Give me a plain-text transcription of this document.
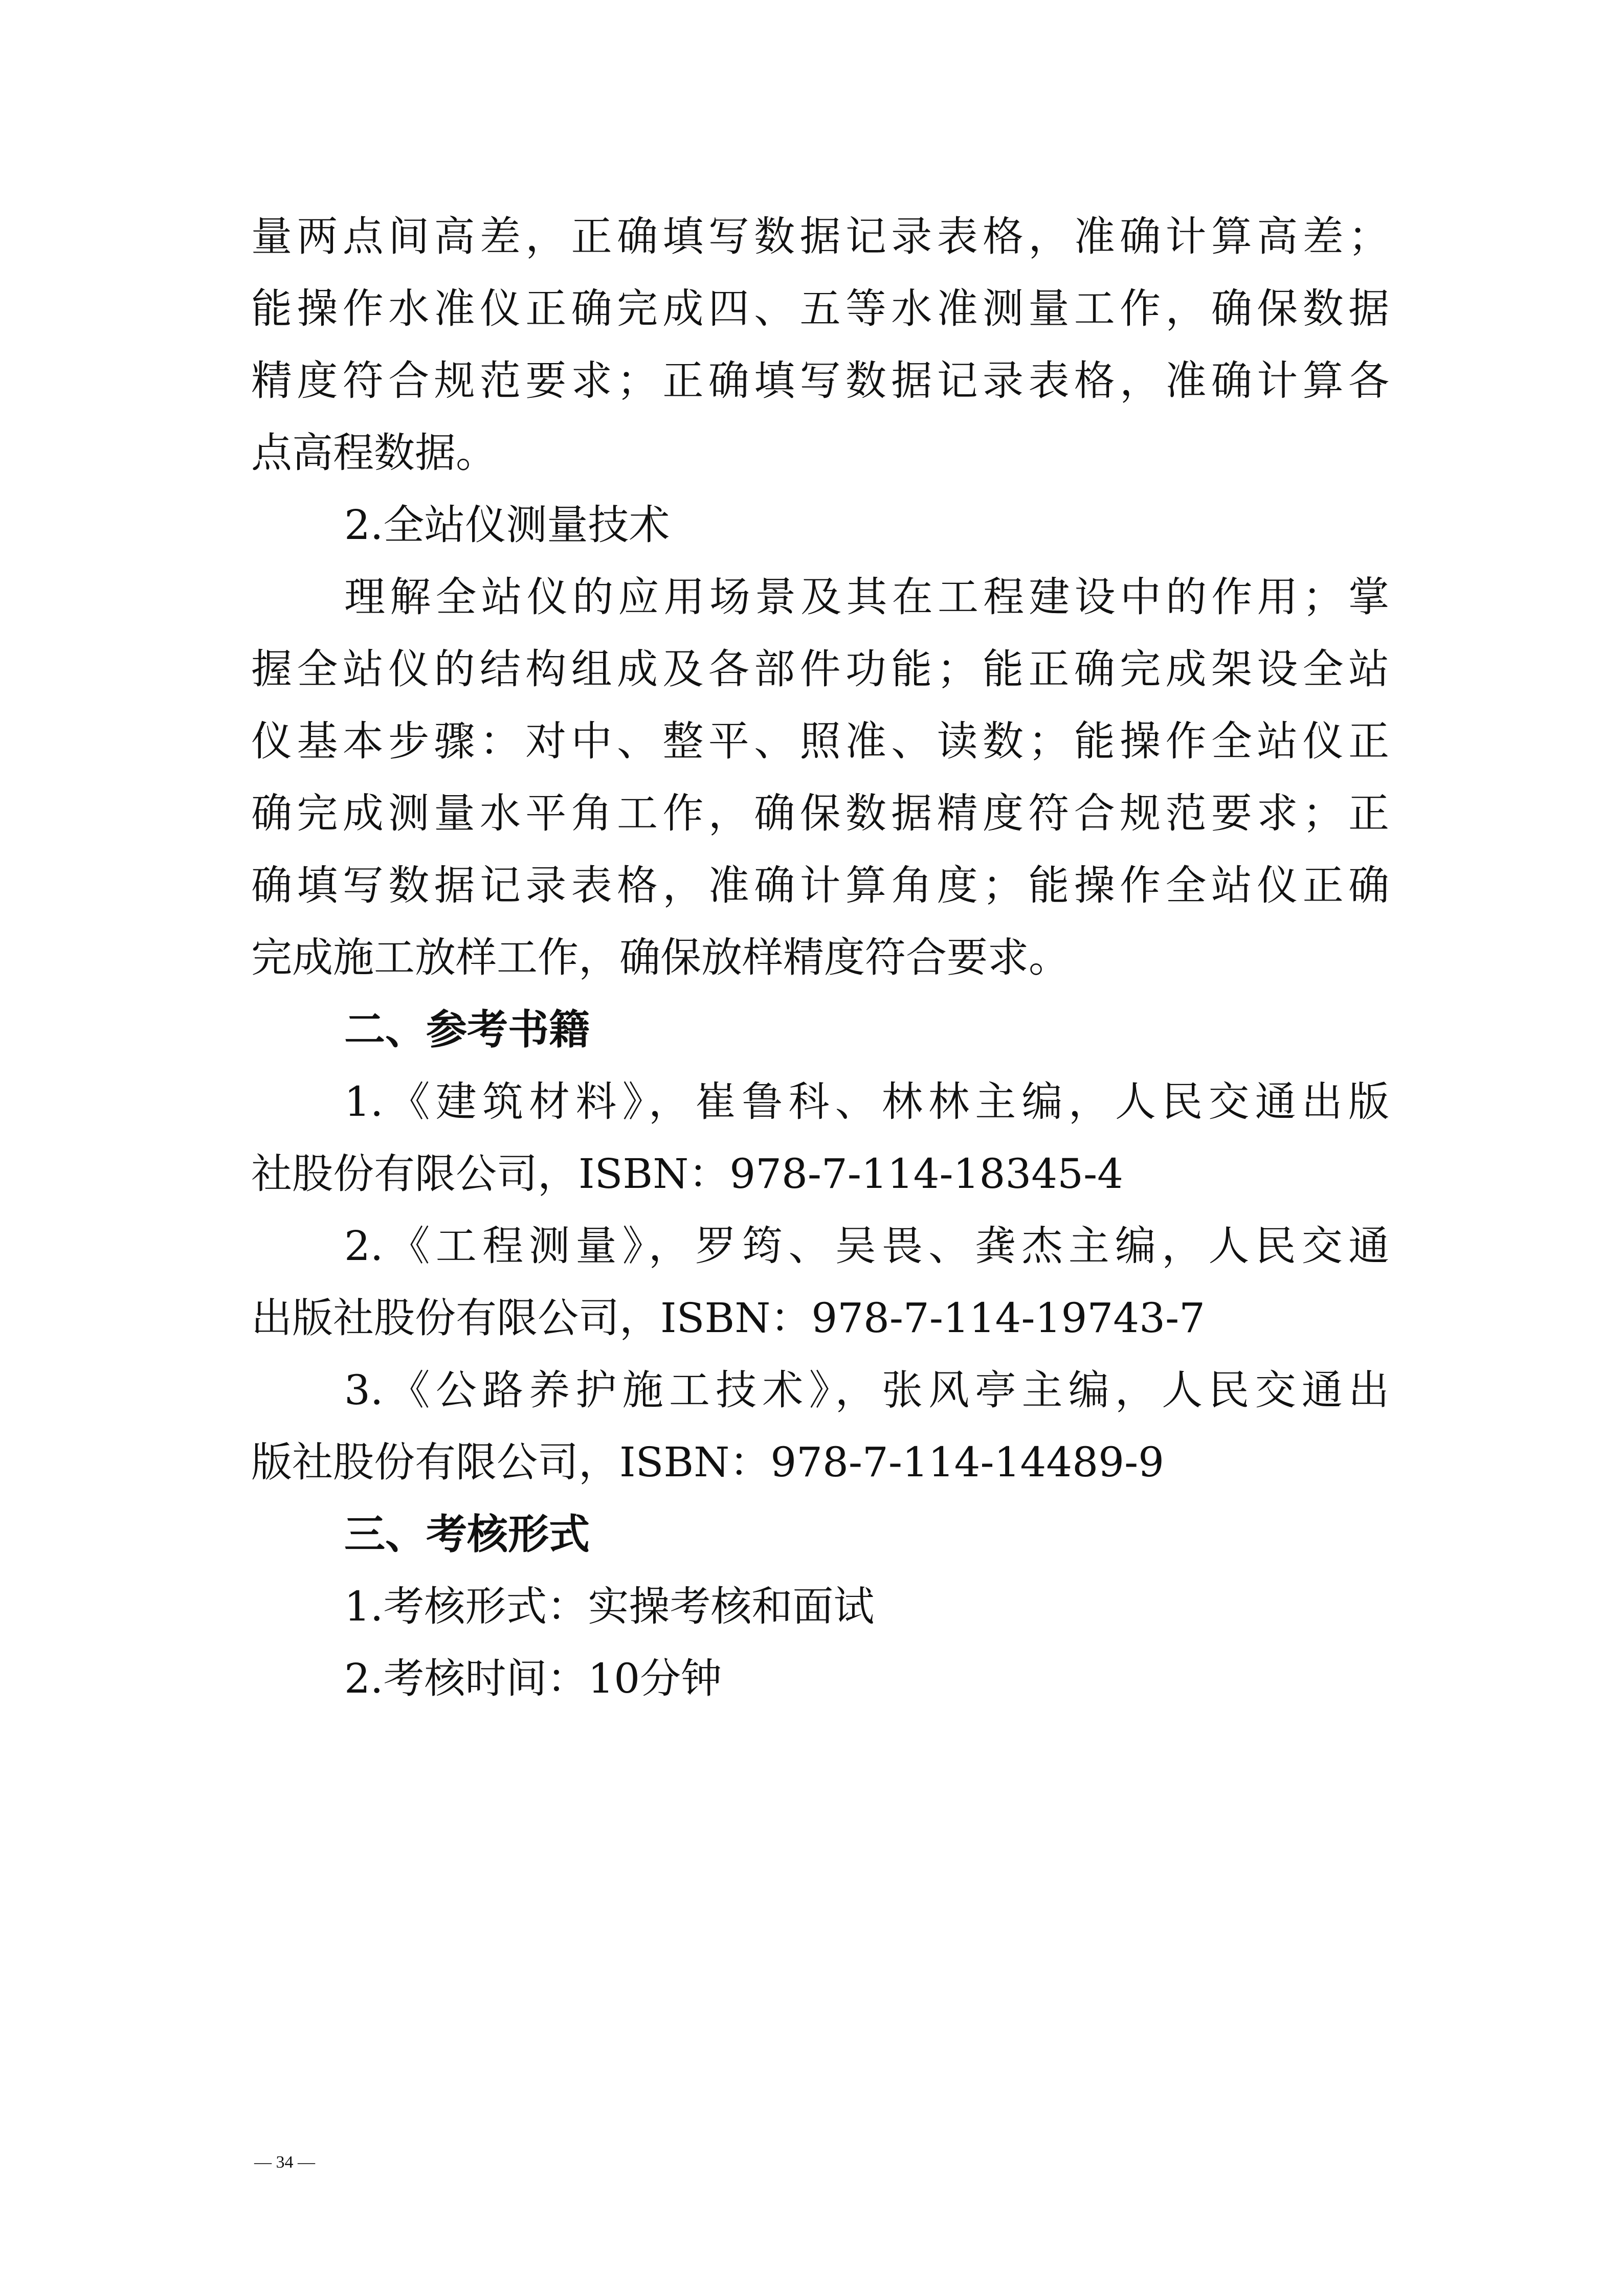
量两点间高差，正确填写数据记录表格，准确计算高差；
能操作水准仪正确完成四、五等水准测量工作，确保数据
精度符合规范要求；正确填写数据记录表格，准确计算各
点高程数据。
2.全站仪测量技术
理解全站仪的应用场景及其在工程建设中的作用；掌
握全站仪的结构组成及各部件功能；能正确完成架设全站
仪基本步骤：对中、整平、照准、读数；能操作全站仪正
确完成测量水平角工作，确保数据精度符合规范要求；正
确填写数据记录表格，准确计算角度；能操作全站仪正确
完成施工放样工作，确保放样精度符合要求。
二、参考书籍
1.《建筑材料》，崔鲁科、林林主编，人民交通出版
社股份有限公司，ISBN：978-7-114-18345-4
2.《工程测量》，罗筠、吴畏、龚杰主编，人民交通
出版社股份有限公司，ISBN：978-7-114-19743-7
3.《公路养护施工技术》，张风亭主编，人民交通出
版社股份有限公司，ISBN：978-7-114-14489-9
三、考核形式
1.考核形式：实操考核和面试
2.考核时间：10分钟
— 34 —
